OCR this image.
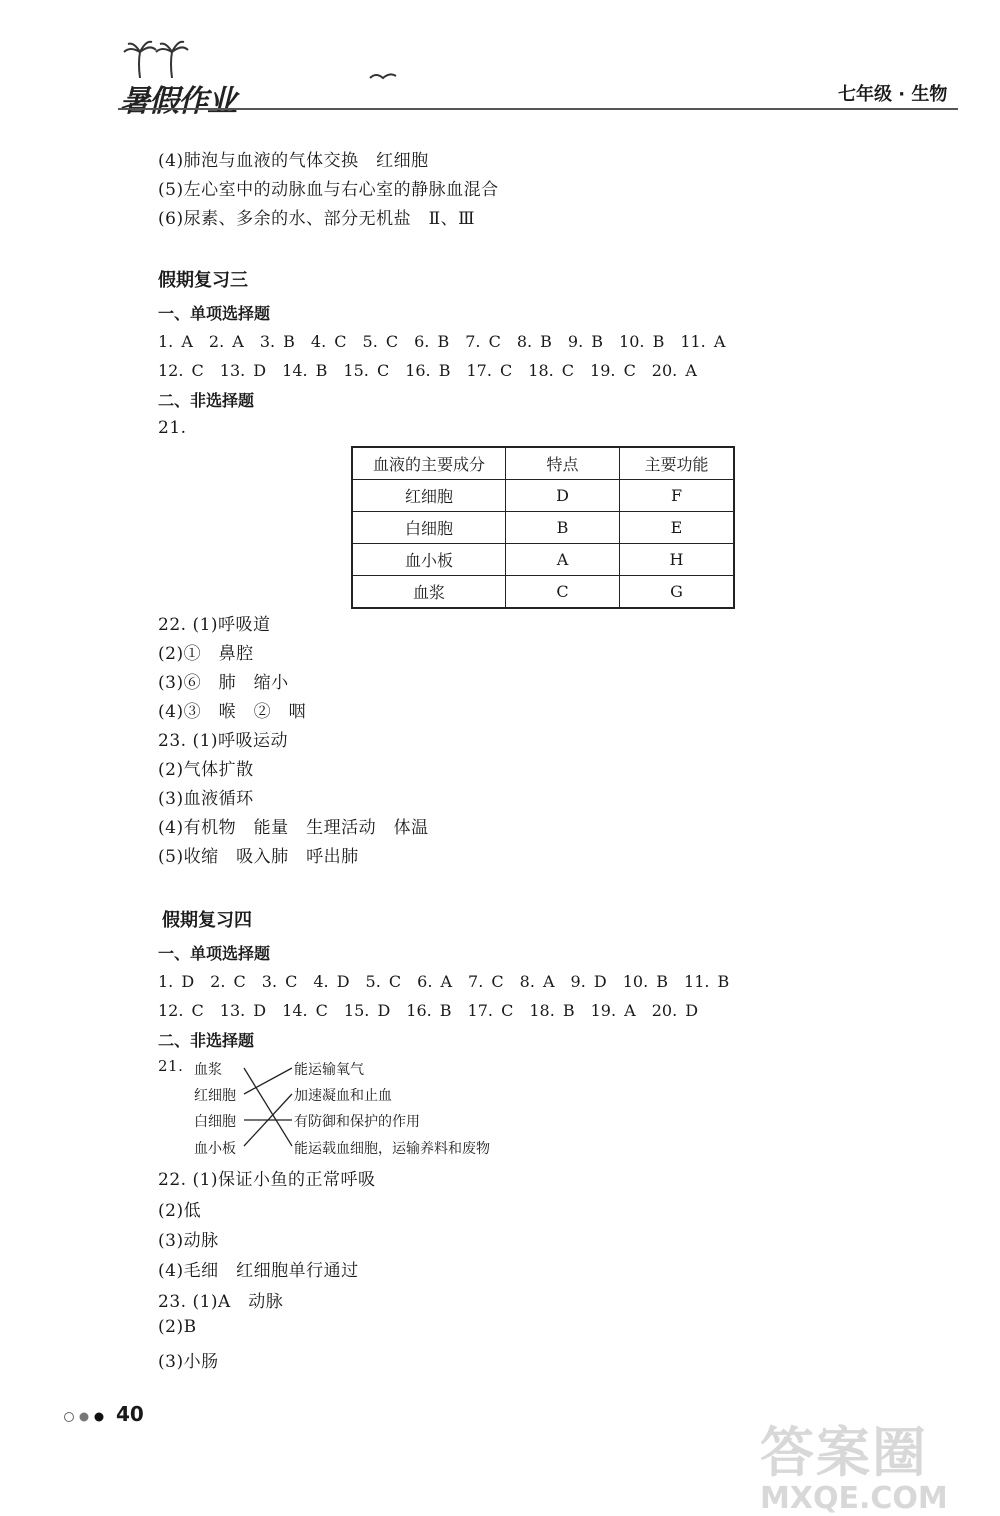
暑假作业	七年级 · 生物
(4)肺泡与血液的气体交换　红细胞
(5)左心室中的动脉血与右心室的静脉血混合
(6)尿素、多余的水、部分无机盐　Ⅱ、Ⅲ
假期复习三
一、单项选择题
1. A　2. A　3. B　4. C　5. C　6. B　7. C　8. B　9. B　10. B　11. A
12. C　13. D　14. B　15. C　16. B　17. C　18. C　19. C　20. A
二、非选择题
21.
血液的主要成分	特点	主要功能
红细胞	D	F
白细胞	B	E
血小板	A	H
血浆	C	G
22. (1)呼吸道
(2)①　鼻腔
(3)⑥　肺　缩小
(4)③　喉　②　咽
23. (1)呼吸运动
(2)气体扩散
(3)血液循环
(4)有机物　能量　生理活动　体温
(5)收缩　吸入肺　呼出肺
假期复习四
一、单项选择题
1. D　2. C　3. C　4. D　5. C　6. A　7. C　8. A　9. D　10. B　11. B
12. C　13. D　14. C　15. D　16. B　17. C　18. B　19. A　20. D
二、非选择题
21. 血浆
红细胞
白细胞
血小板
能运输氧气
加速凝血和止血
有防御和保护的作用
能运载血细胞，运输养料和废物
22. (1)保证小鱼的正常呼吸
(2)低
(3)动脉
(4)毛细　红细胞单行通过
23. (1)A　动脉
(2)B
(3)小肠
40
答案圈
MXQE.COM
